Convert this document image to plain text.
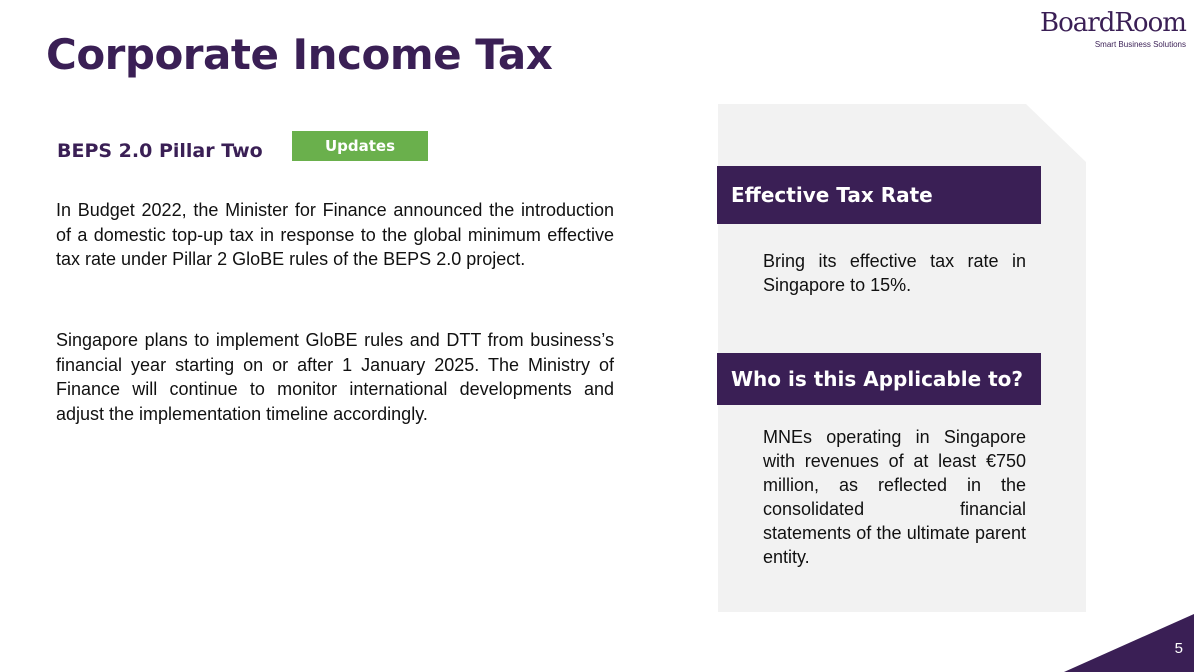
Corporate Income Tax
BoardRoom
Smart Business Solutions
BEPS 2.0 Pillar Two	Updates

In Budget 2022, the Minister for Finance announced the introduction of a domestic top-up tax in response to the global minimum effective tax rate under Pillar 2 GloBE rules of the BEPS 2.0 project.

Singapore plans to implement GloBE rules and DTT from business’s financial year starting on or after 1 January 2025. The Ministry of Finance will continue to monitor international developments and adjust the implementation timeline accordingly.

Effective Tax Rate

Bring its effective tax rate in Singapore to 15%.

Who is this Applicable to?

MNEs operating in Singapore with revenues of at least €750 million, as reflected in the consolidated financial statements of the ultimate parent entity.

5
